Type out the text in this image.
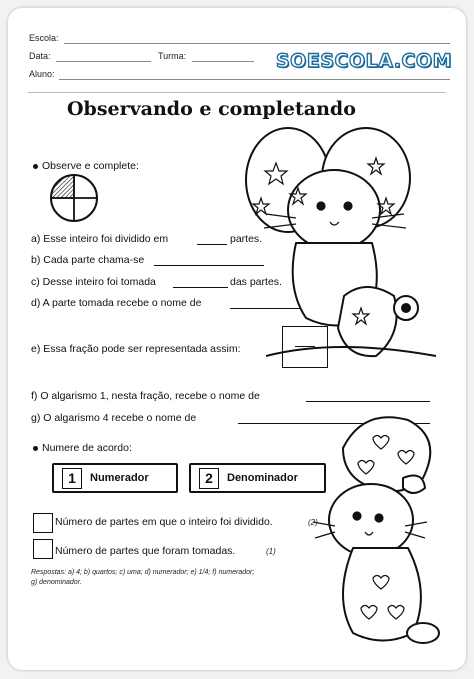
Escola:
Data:	Turma:
Aluno:
SOESCOLA.COM
Observando e completando
Observe e complete:
a) Esse inteiro foi dividido em	partes.
b) Cada parte chama-se
c) Desse inteiro foi tomada	das partes.
d) A parte tomada recebe o nome de
e) Essa fração pode ser representada assim:
f) O algarismo 1, nesta fração, recebe o nome de
g) O algarismo 4 recebe o nome de
Numere de acordo:
1	Numerador	2	Denominador
Número de partes em que o inteiro foi dividido.	(2)
Número de partes que foram tomadas.	(1)
Respostas: a) 4; b) quartos; c) uma; d) numerador; e) 1/4; f) numerador;
g) denominador.
